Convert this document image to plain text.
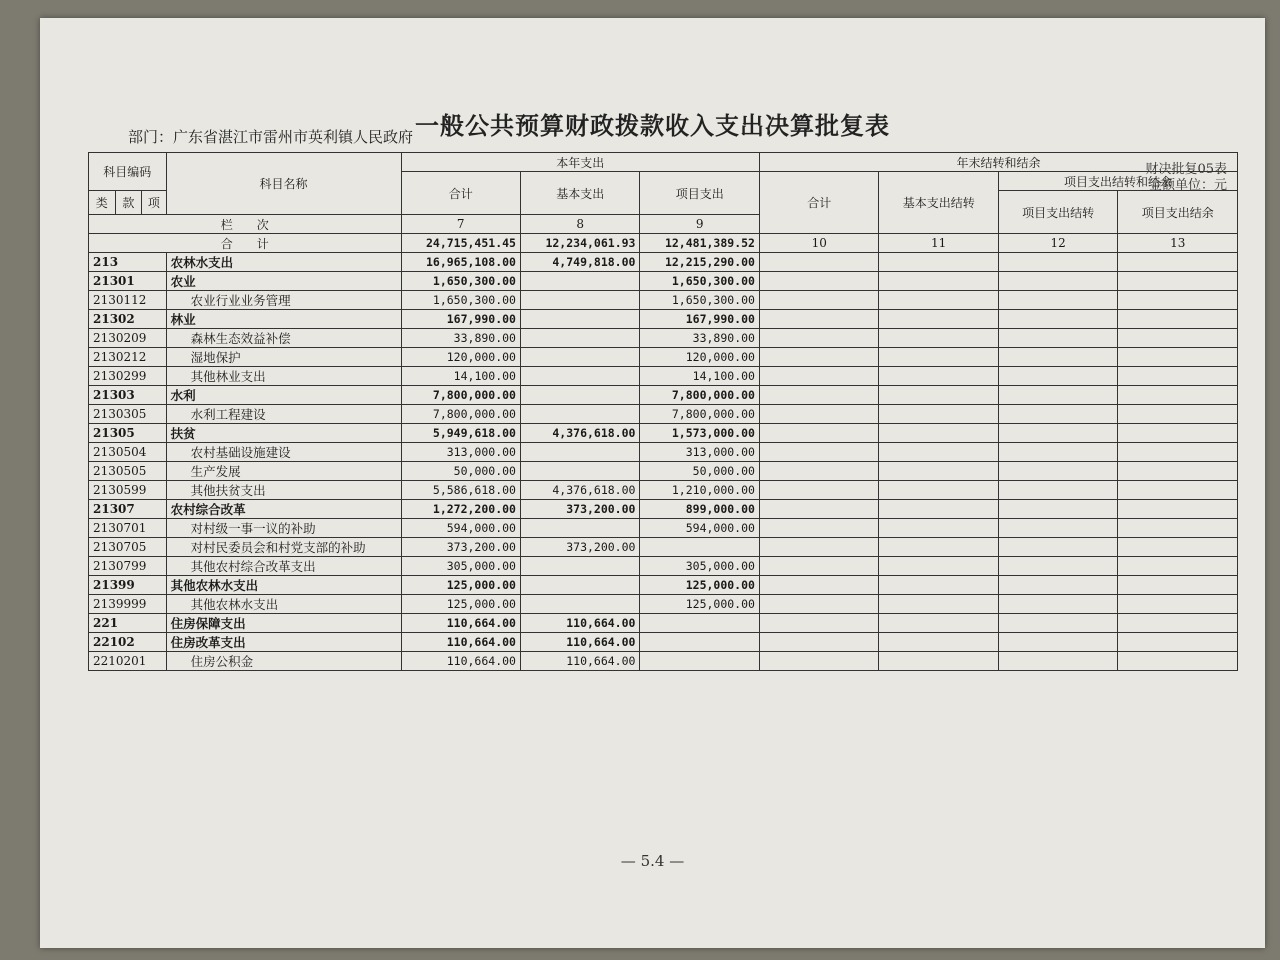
一般公共预算财政拨款收入支出决算批复表
部门：广东省湛江市雷州市英利镇人民政府
财决批复05表
金额单位：元
科目编码			科目名称	本年支出			年末结转和结余			
				合计	基本支出	项目支出	合计	基本支出结转	项目支出结转和结余	
类	款	项							项目支出结转	项目支出结余
栏　　次				7	8	9				
合　　计				24,715,451.45	12,234,061.93	12,481,389.52	10	11	12	13
213			农林水支出	16,965,108.00	4,749,818.00	12,215,290.00				
21301			农业	1,650,300.00		1,650,300.00				
2130112			农业行业业务管理	1,650,300.00		1,650,300.00				
21302			林业	167,990.00		167,990.00				
2130209			森林生态效益补偿	33,890.00		33,890.00				
2130212			湿地保护	120,000.00		120,000.00				
2130299			其他林业支出	14,100.00		14,100.00				
21303			水利	7,800,000.00		7,800,000.00				
2130305			水利工程建设	7,800,000.00		7,800,000.00				
21305			扶贫	5,949,618.00	4,376,618.00	1,573,000.00				
2130504			农村基础设施建设	313,000.00		313,000.00				
2130505			生产发展	50,000.00		50,000.00				
2130599			其他扶贫支出	5,586,618.00	4,376,618.00	1,210,000.00				
21307			农村综合改革	1,272,200.00	373,200.00	899,000.00				
2130701			对村级一事一议的补助	594,000.00		594,000.00				
2130705			对村民委员会和村党支部的补助	373,200.00	373,200.00					
2130799			其他农村综合改革支出	305,000.00		305,000.00				
21399			其他农林水支出	125,000.00		125,000.00				
2139999			其他农林水支出	125,000.00		125,000.00				
221			住房保障支出	110,664.00	110,664.00					
22102			住房改革支出	110,664.00	110,664.00					
2210201			住房公积金	110,664.00	110,664.00					
— 5.4 —
